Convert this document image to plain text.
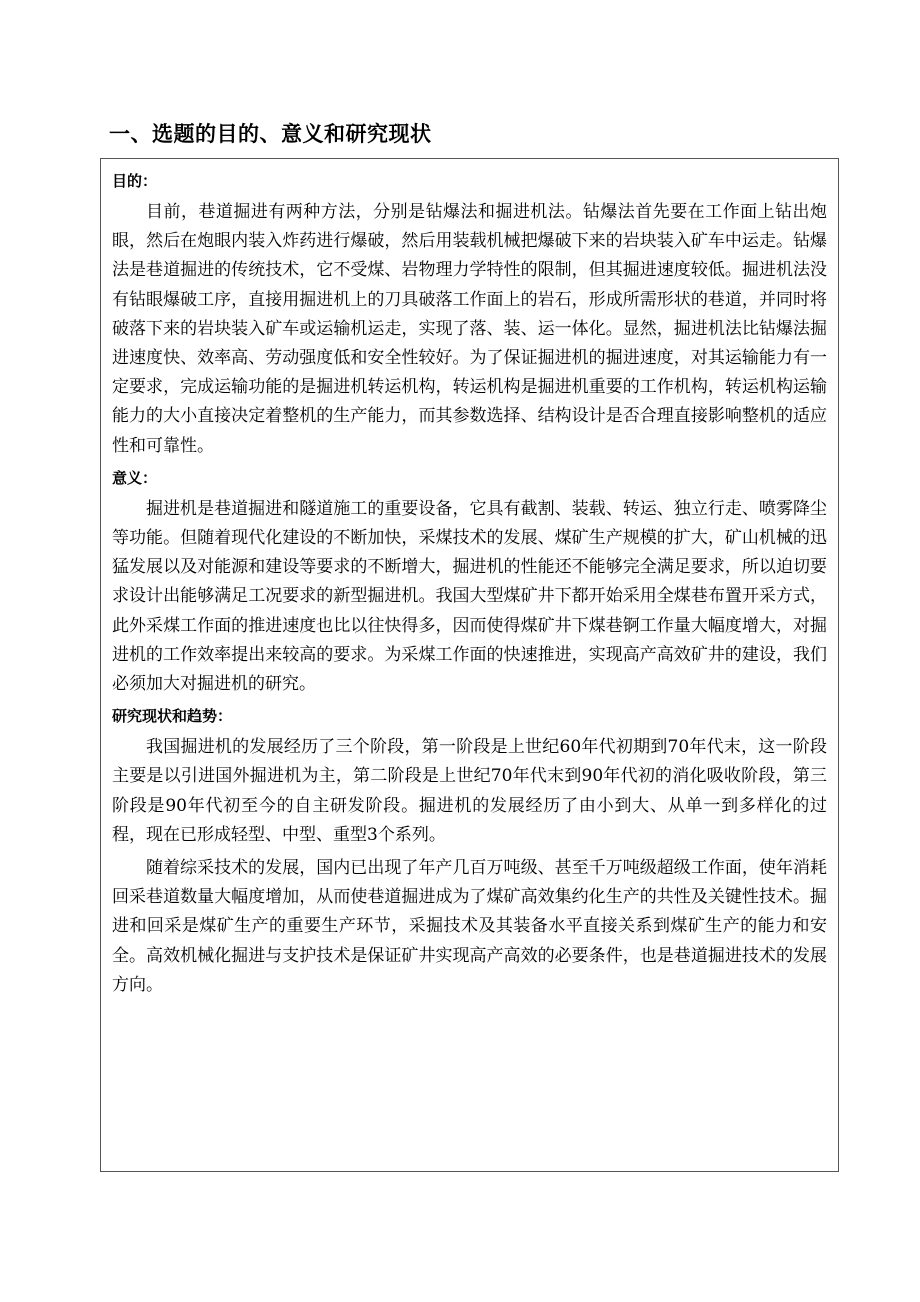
一、选题的目的、意义和研究现状

目的：

目前，巷道掘进有两种方法，分别是钻爆法和掘进机法。钻爆法首先要在工作面上钻出炮眼，然后在炮眼内装入炸药进行爆破，然后用装载机械把爆破下来的岩块装入矿车中运走。钻爆法是巷道掘进的传统技术，它不受煤、岩物理力学特性的限制，但其掘进速度较低。掘进机法没有钻眼爆破工序，直接用掘进机上的刀具破落工作面上的岩石，形成所需形状的巷道，并同时将破落下来的岩块装入矿车或运输机运走，实现了落、装、运一体化。显然，掘进机法比钻爆法掘进速度快、效率高、劳动强度低和安全性较好。为了保证掘进机的掘进速度，对其运输能力有一定要求，完成运输功能的是掘进机转运机构，转运机构是掘进机重要的工作机构，转运机构运输能力的大小直接决定着整机的生产能力，而其参数选择、结构设计是否合理直接影响整机的适应性和可靠性。

意义：

掘进机是巷道掘进和隧道施工的重要设备，它具有截割、装载、转运、独立行走、喷雾降尘等功能。但随着现代化建设的不断加快，采煤技术的发展、煤矿生产规模的扩大，矿山机械的迅猛发展以及对能源和建设等要求的不断增大，掘进机的性能还不能够完全满足要求，所以迫切要求设计出能够满足工况要求的新型掘进机。我国大型煤矿井下都开始采用全煤巷布置开采方式，此外采煤工作面的推进速度也比以往快得多，因而使得煤矿井下煤巷锕工作量大幅度增大，对掘进机的工作效率提出来较高的要求。为采煤工作面的快速推进，实现高产高效矿井的建设，我们必须加大对掘进机的研究。

研究现状和趋势：

我国掘进机的发展经历了三个阶段，第一阶段是上世纪60年代初期到70年代末，这一阶段主要是以引进国外掘进机为主，第二阶段是上世纪70年代末到90年代初的消化吸收阶段，第三阶段是90年代初至今的自主研发阶段。掘进机的发展经历了由小到大、从单一到多样化的过程，现在已形成轻型、中型、重型3个系列。

随着综采技术的发展，国内已出现了年产几百万吨级、甚至千万吨级超级工作面，使年消耗回采巷道数量大幅度增加，从而使巷道掘进成为了煤矿高效集约化生产的共性及关键性技术。掘进和回采是煤矿生产的重要生产环节，采掘技术及其装备水平直接关系到煤矿生产的能力和安全。高效机械化掘进与支护技术是保证矿井实现高产高效的必要条件，也是巷道掘进技术的发展方向。
